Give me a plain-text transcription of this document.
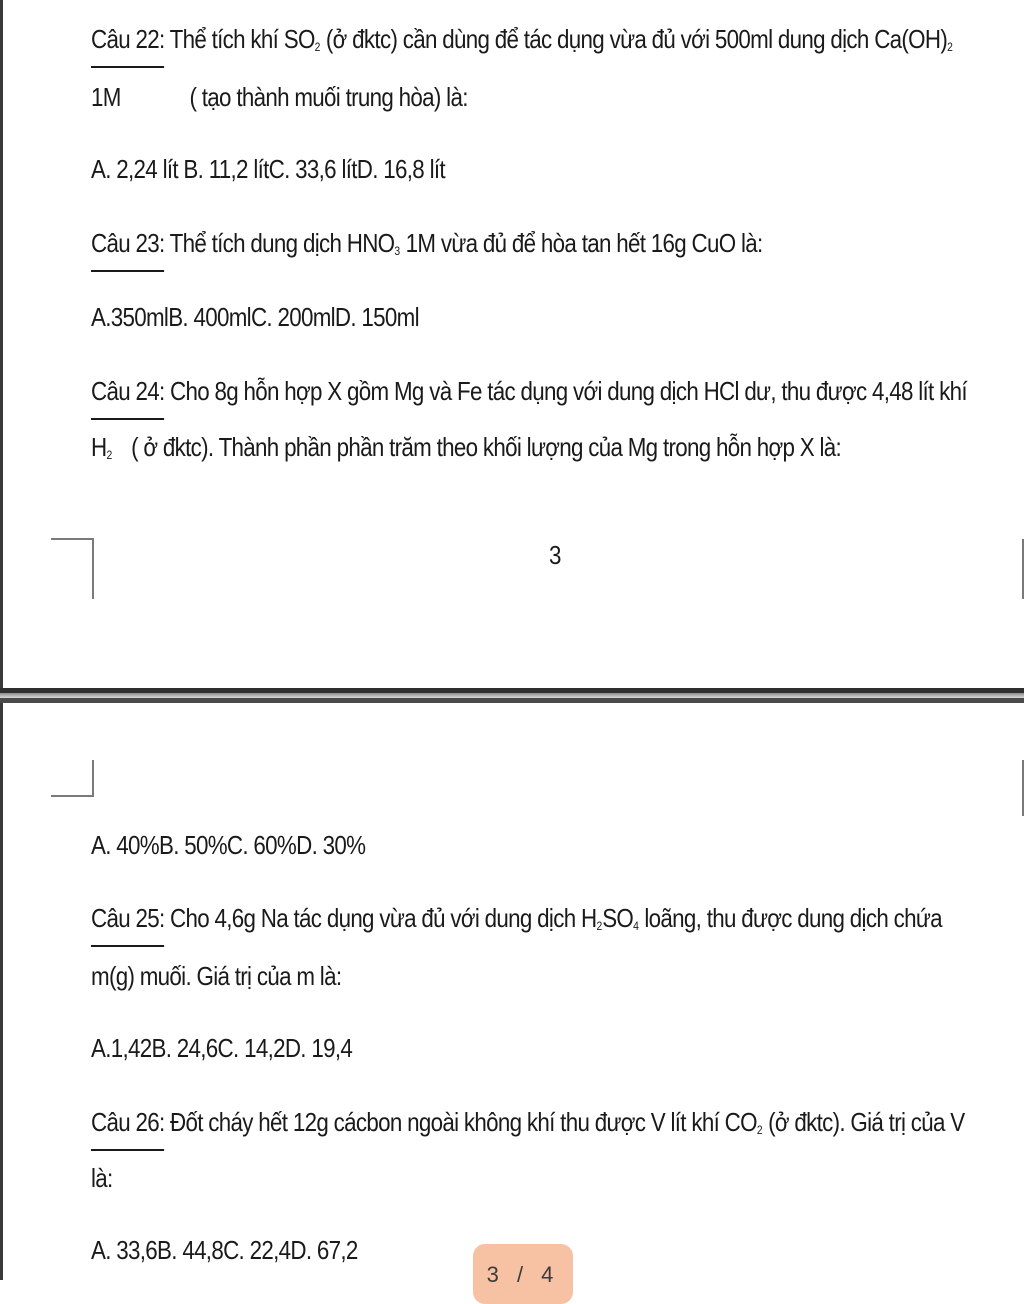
Câu 22: Thể tích khí $SO_2$ (ở đktc) cần dùng để tác dụng vừa đủ với 500ml dung dịch $Ca(OH)_2$
1M	( tạo thành muối trung hòa) là:
A. 2,24 lít B. 11,2 lítC. 33,6 lítD. 16,8 lít
Câu 23: Thể tích dung dịch $HNO_3$ 1M vừa đủ để hòa tan hết 16g CuO là:
A.350mlB. 400mlC. 200mlD. 150ml
Câu 24: Cho 8g hỗn hợp X gồm Mg và Fe tác dụng với dung dịch HCl dư, thu được 4,48 lít khí
$H_2$ ( ở đktc). Thành phần phần trăm theo khối lượng của Mg trong hỗn hợp X là:
3
A. 40%B. 50%C. 60%D. 30%
Câu 25: Cho 4,6g Na tác dụng vừa đủ với dung dịch $H_2SO_4$ loãng, thu được dung dịch chứa
m(g) muối. Giá trị của m là:
A.1,42B. 24,6C. 14,2D. 19,4
Câu 26: Đốt cháy hết 12g cácbon ngoài không khí thu được V lít khí $CO_2$ (ở đktc). Giá trị của V
là:
A. 33,6B. 44,8C. 22,4D. 67,2
3 / 4
